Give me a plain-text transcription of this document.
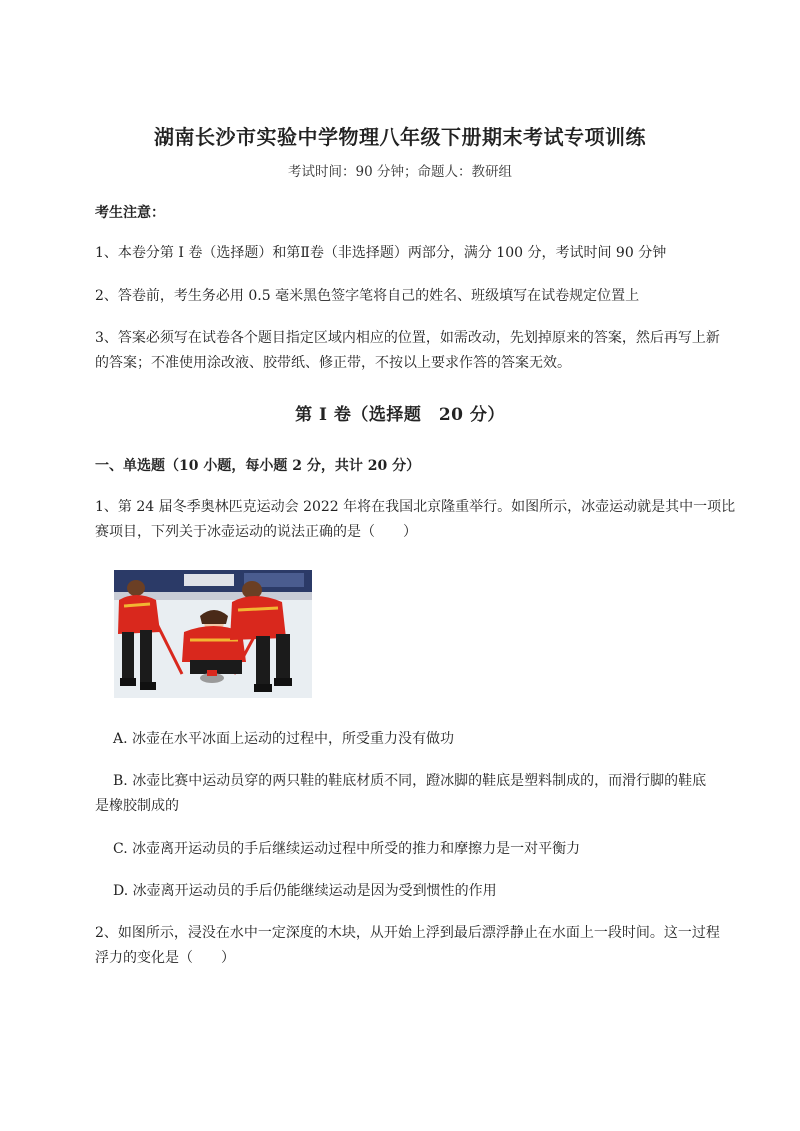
湖南长沙市实验中学物理八年级下册期末考试专项训练
考试时间：90 分钟；命题人：教研组
考生注意：
1、本卷分第 I 卷（选择题）和第Ⅱ卷（非选择题）两部分，满分 100 分，考试时间 90 分钟
2、答卷前，考生务必用 0.5 毫米黑色签字笔将自己的姓名、班级填写在试卷规定位置上
3、答案必须写在试卷各个题目指定区域内相应的位置，如需改动，先划掉原来的答案，然后再写上新
的答案；不准使用涂改液、胶带纸、修正带，不按以上要求作答的答案无效。
第 I 卷（选择题　20 分）
一、单选题（10 小题，每小题 2 分，共计 20 分）
1、第 24 届冬季奥林匹克运动会 2022 年将在我国北京隆重举行。如图所示，冰壶运动就是其中一项比
赛项目，下列关于冰壶运动的说法正确的是（　　）
A. 冰壶在水平冰面上运动的过程中，所受重力没有做功
B. 冰壶比赛中运动员穿的两只鞋的鞋底材质不同，蹬冰脚的鞋底是塑料制成的，而滑行脚的鞋底
是橡胶制成的
C. 冰壶离开运动员的手后继续运动过程中所受的推力和摩擦力是一对平衡力
D. 冰壶离开运动员的手后仍能继续运动是因为受到惯性的作用
2、如图所示，浸没在水中一定深度的木块，从开始上浮到最后漂浮静止在水面上一段时间。这一过程
浮力的变化是（　　）
